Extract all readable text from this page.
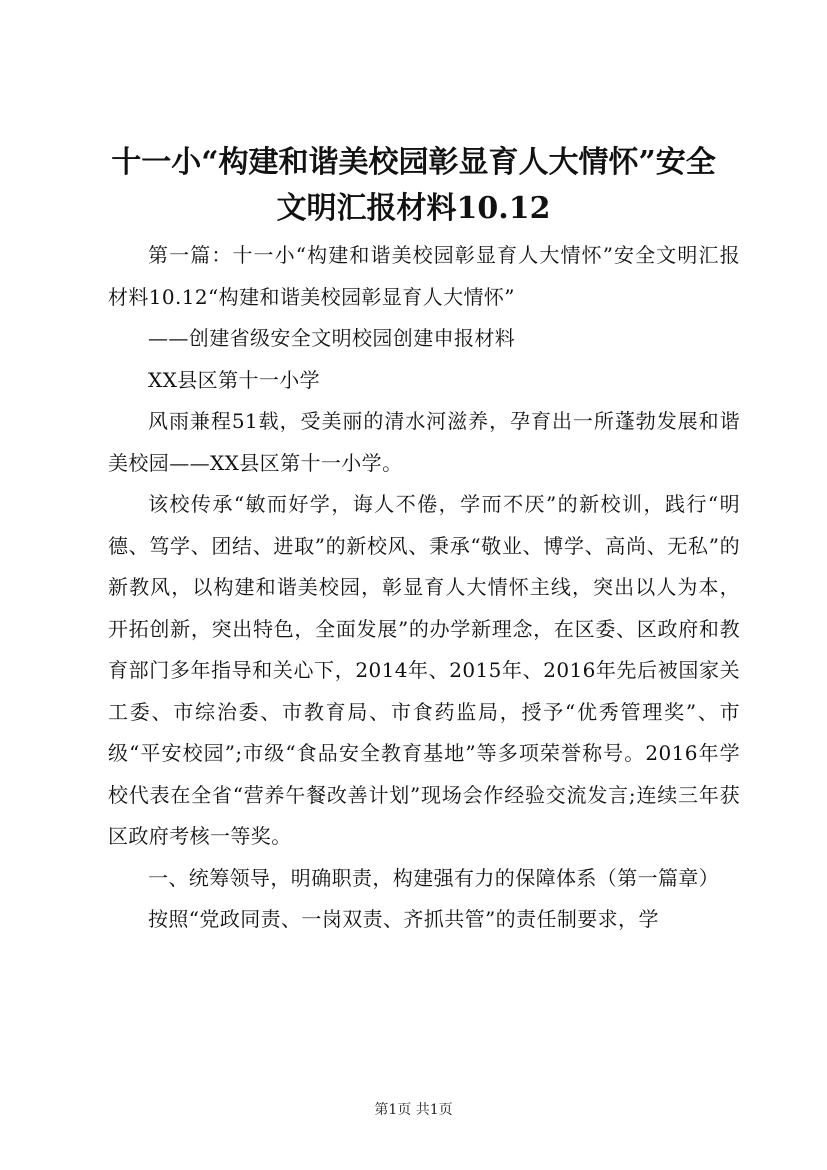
十一小“构建和谐美校园彰显育人大情怀”安全文明汇报材料10.12

第一篇：十一小“构建和谐美校园彰显育人大情怀”安全文明汇报材料10.12“构建和谐美校园彰显育人大情怀”

——创建省级安全文明校园创建申报材料

XX县区第十一小学

风雨兼程51载，受美丽的清水河滋养，孕育出一所蓬勃发展和谐美校园——XX县区第十一小学。

该校传承“敏而好学，诲人不倦，学而不厌”的新校训，践行“明德、笃学、团结、进取”的新校风、秉承“敬业、博学、高尚、无私”的新教风，以构建和谐美校园，彰显育人大情怀主线，突出以人为本，开拓创新，突出特色，全面发展”的办学新理念，在区委、区政府和教育部门多年指导和关心下，2014年、2015年、2016年先后被国家关工委、市综治委、市教育局、市食药监局，授予“优秀管理奖”、市级“平安校园”;市级“食品安全教育基地”等多项荣誉称号。2016年学校代表在全省“营养午餐改善计划”现场会作经验交流发言;连续三年获区政府考核一等奖。

一、统筹领导，明确职责，构建强有力的保障体系（第一篇章）

按照“党政同责、一岗双责、齐抓共管”的责任制要求，学

第1页 共1页
